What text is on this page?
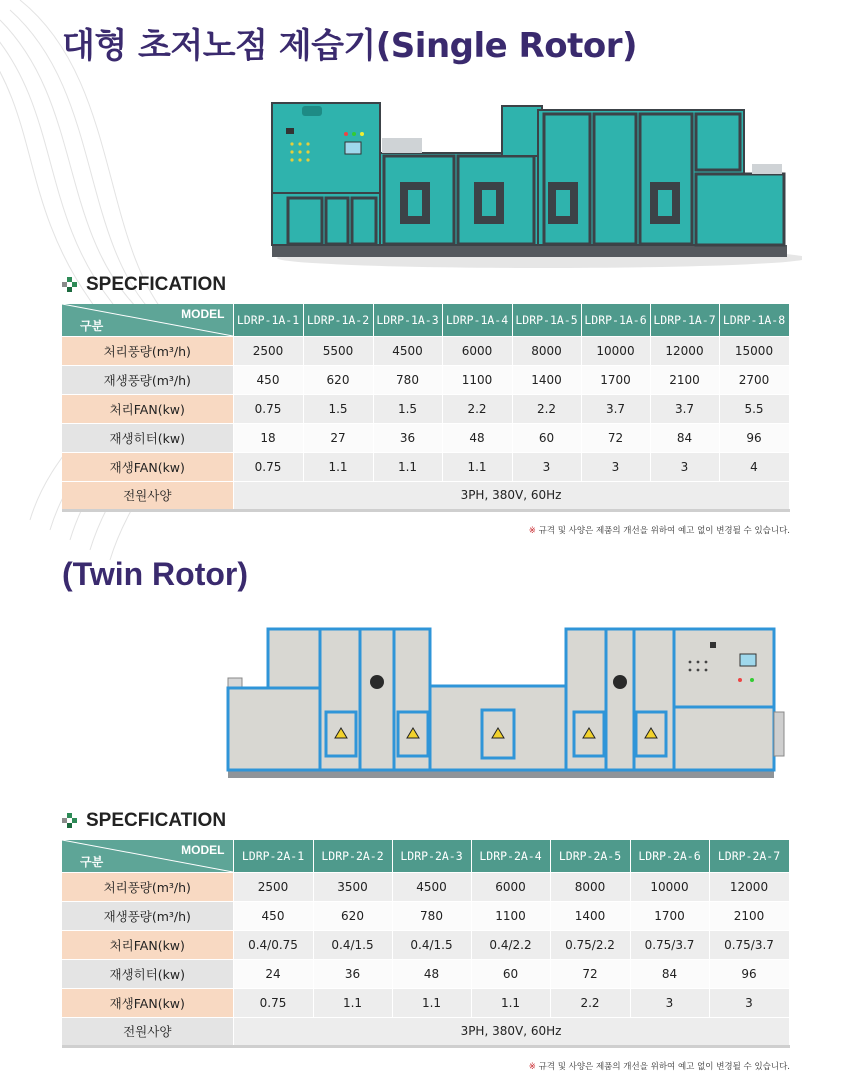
대형 초저노점 제습기(Single Rotor)
SPECFICATION
MODEL
구분	LDRP-1A-1	LDRP-1A-2	LDRP-1A-3	LDRP-1A-4	LDRP-1A-5	LDRP-1A-6	LDRP-1A-7	LDRP-1A-8
처리풍량(m³/h)	2500	5500	4500	6000	8000	10000	12000	15000
재생풍량(m³/h)	450	620	780	1100	1400	1700	2100	2700
처리FAN(kw)	0.75	1.5	1.5	2.2	2.2	3.7	3.7	5.5
재생히터(kw)	18	27	36	48	60	72	84	96
재생FAN(kw)	0.75	1.1	1.1	1.1	3	3	3	4
전원사양	3PH, 380V, 60Hz							
※ 규격 및 사양은 제품의 개선을 위하여 예고 없이 변경될 수 있습니다.
(Twin Rotor)
SPECFICATION
MODEL
구분	LDRP-2A-1	LDRP-2A-2	LDRP-2A-3	LDRP-2A-4	LDRP-2A-5	LDRP-2A-6	LDRP-2A-7
처리풍량(m³/h)	2500	3500	4500	6000	8000	10000	12000
재생풍량(m³/h)	450	620	780	1100	1400	1700	2100
처리FAN(kw)	0.4/0.75	0.4/1.5	0.4/1.5	0.4/2.2	0.75/2.2	0.75/3.7	0.75/3.7
재생히터(kw)	24	36	48	60	72	84	96
재생FAN(kw)	0.75	1.1	1.1	1.1	2.2	3	3
전원사양	3PH, 380V, 60Hz						
※ 규격 및 사양은 제품의 개선을 위하여 예고 없이 변경될 수 있습니다.
